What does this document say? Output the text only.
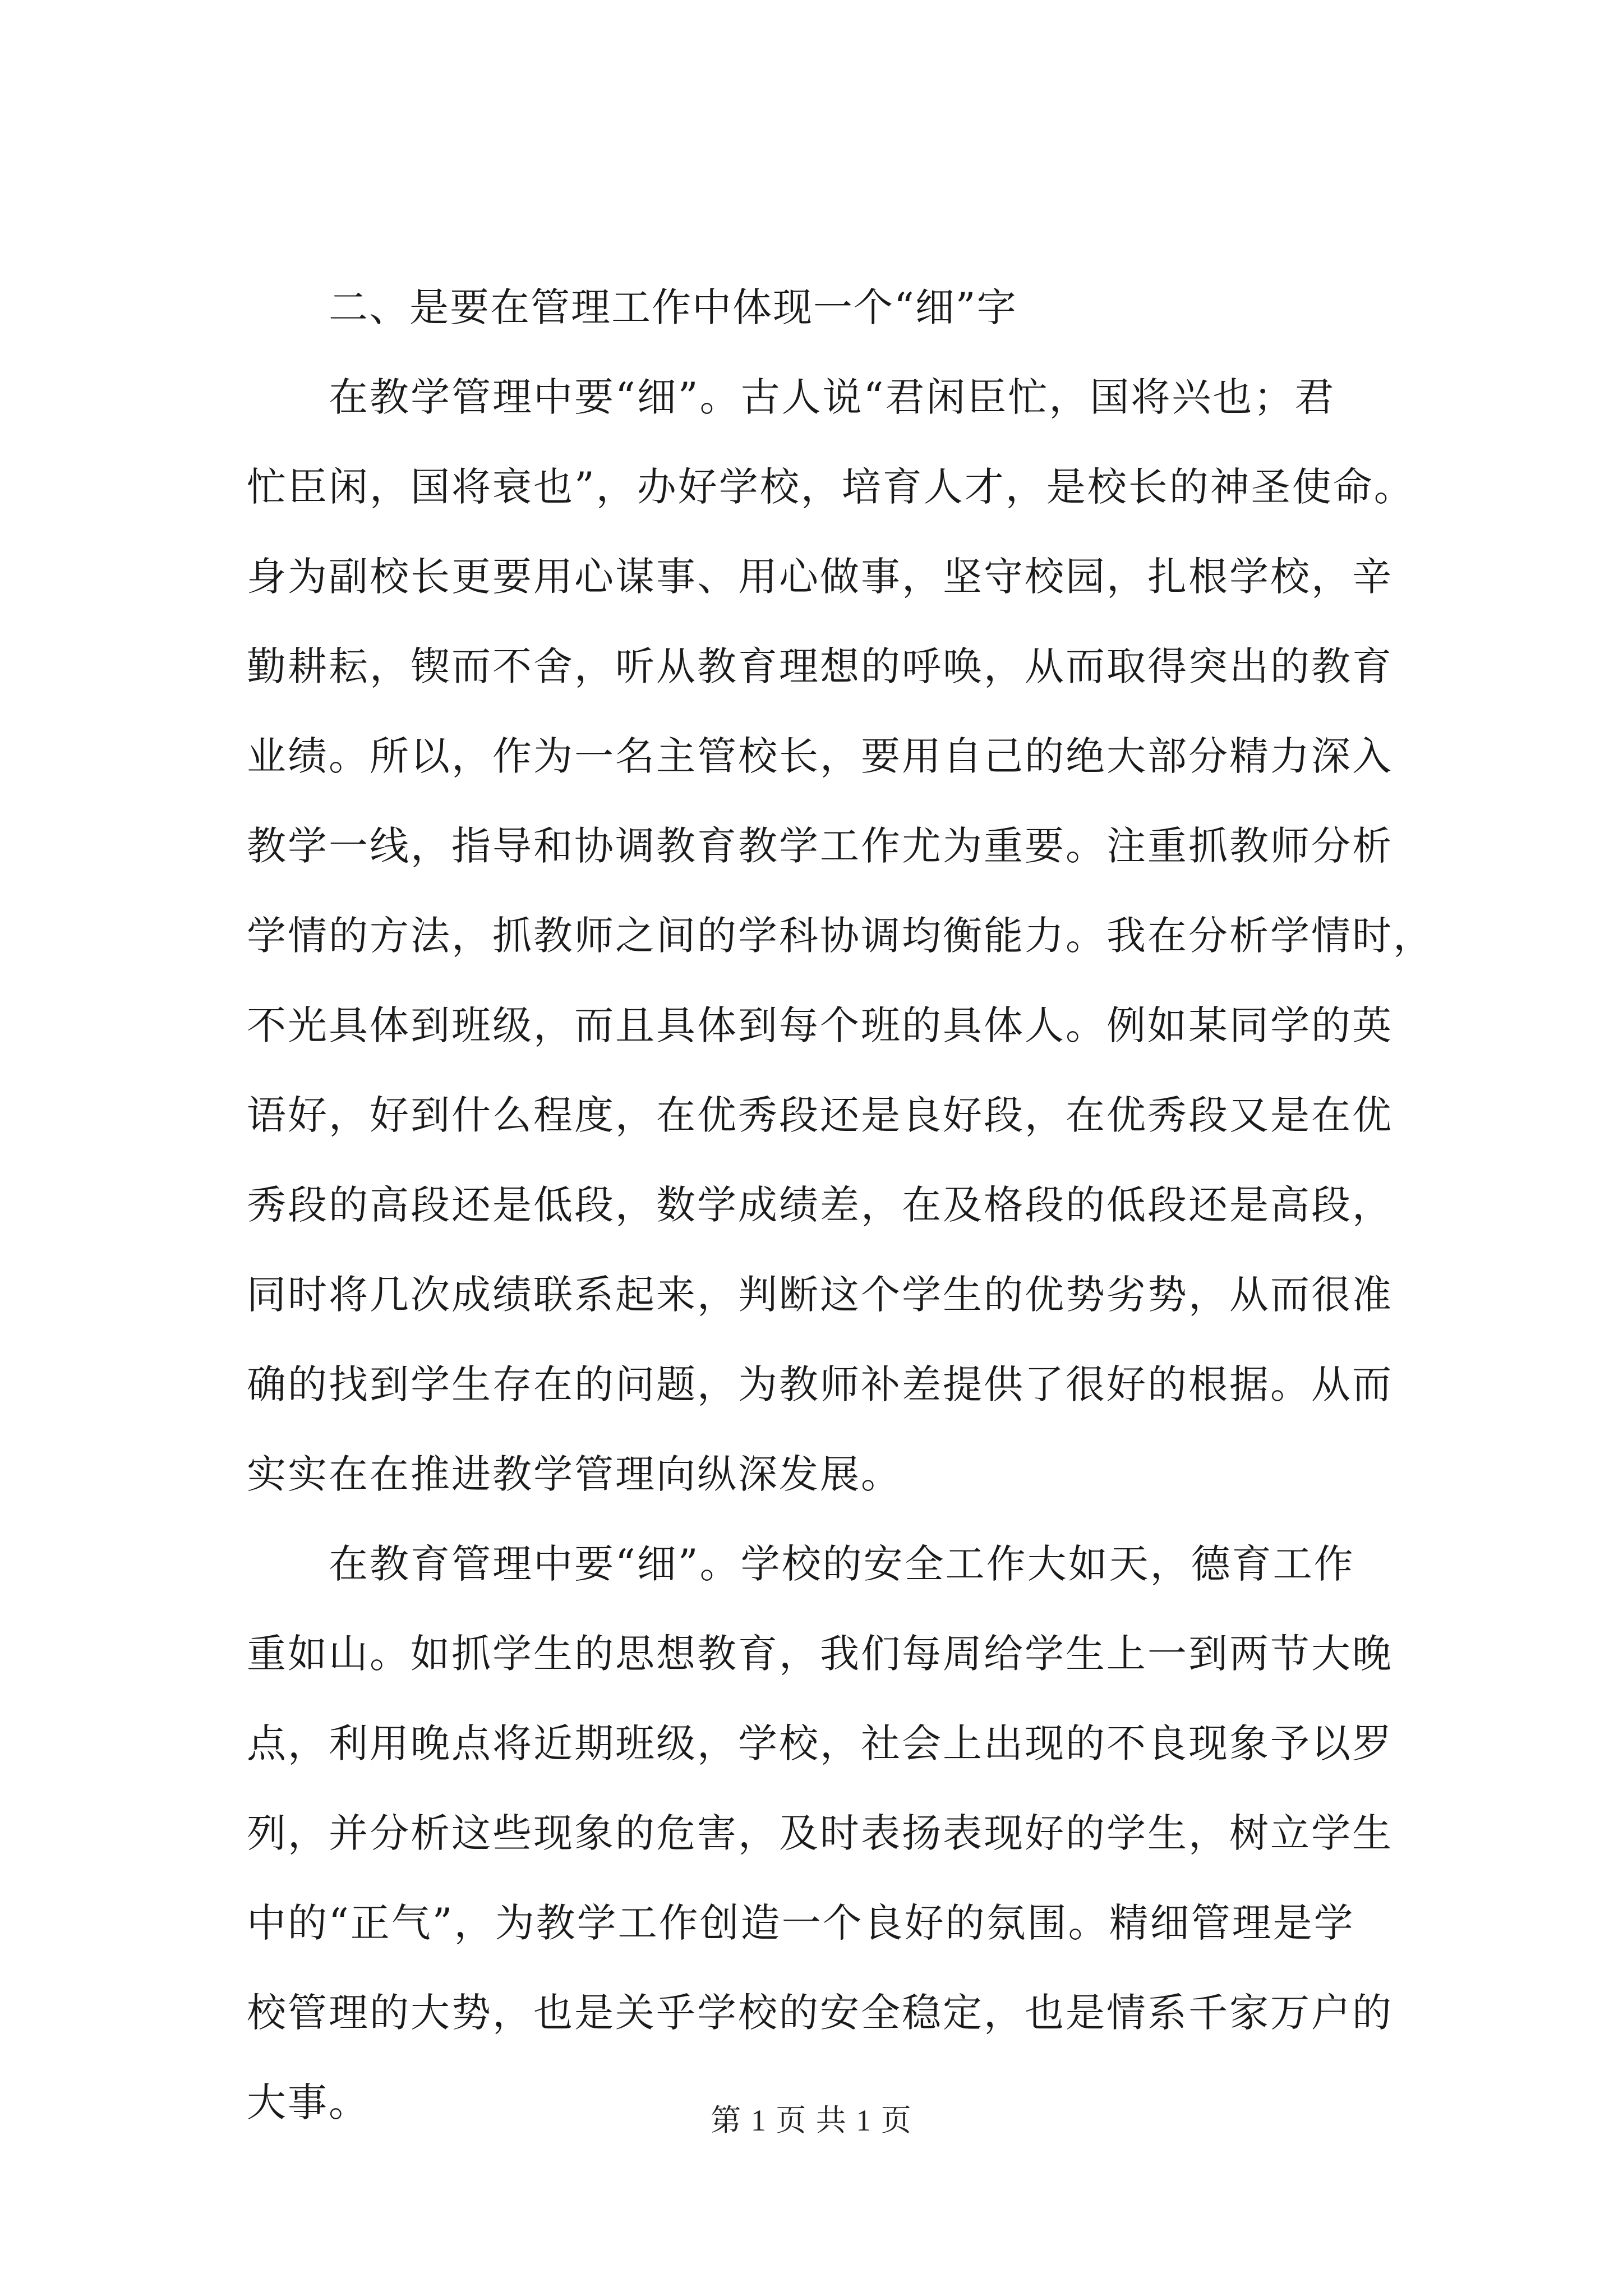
二、是要在管理工作中体现一个“细”字
在教学管理中要“细”。古人说“君闲臣忙，国将兴也；君
忙臣闲，国将衰也”，办好学校，培育人才，是校长的神圣使命。
身为副校长更要用心谋事、用心做事，坚守校园，扎根学校，辛
勤耕耘，锲而不舍，听从教育理想的呼唤，从而取得突出的教育
业绩。所以，作为一名主管校长，要用自己的绝大部分精力深入
教学一线，指导和协调教育教学工作尤为重要。注重抓教师分析
学情的方法，抓教师之间的学科协调均衡能力。我在分析学情时，
不光具体到班级，而且具体到每个班的具体人。例如某同学的英
语好，好到什么程度，在优秀段还是良好段，在优秀段又是在优
秀段的高段还是低段，数学成绩差，在及格段的低段还是高段，
同时将几次成绩联系起来，判断这个学生的优势劣势，从而很准
确的找到学生存在的问题，为教师补差提供了很好的根据。从而
实实在在推进教学管理向纵深发展。
在教育管理中要“细”。学校的安全工作大如天，德育工作
重如山。如抓学生的思想教育，我们每周给学生上一到两节大晚
点，利用晚点将近期班级，学校，社会上出现的不良现象予以罗
列，并分析这些现象的危害，及时表扬表现好的学生，树立学生
中的“正气”，为教学工作创造一个良好的氛围。精细管理是学
校管理的大势，也是关乎学校的安全稳定，也是情系千家万户的
大事。	第 1 页 共 1 页
